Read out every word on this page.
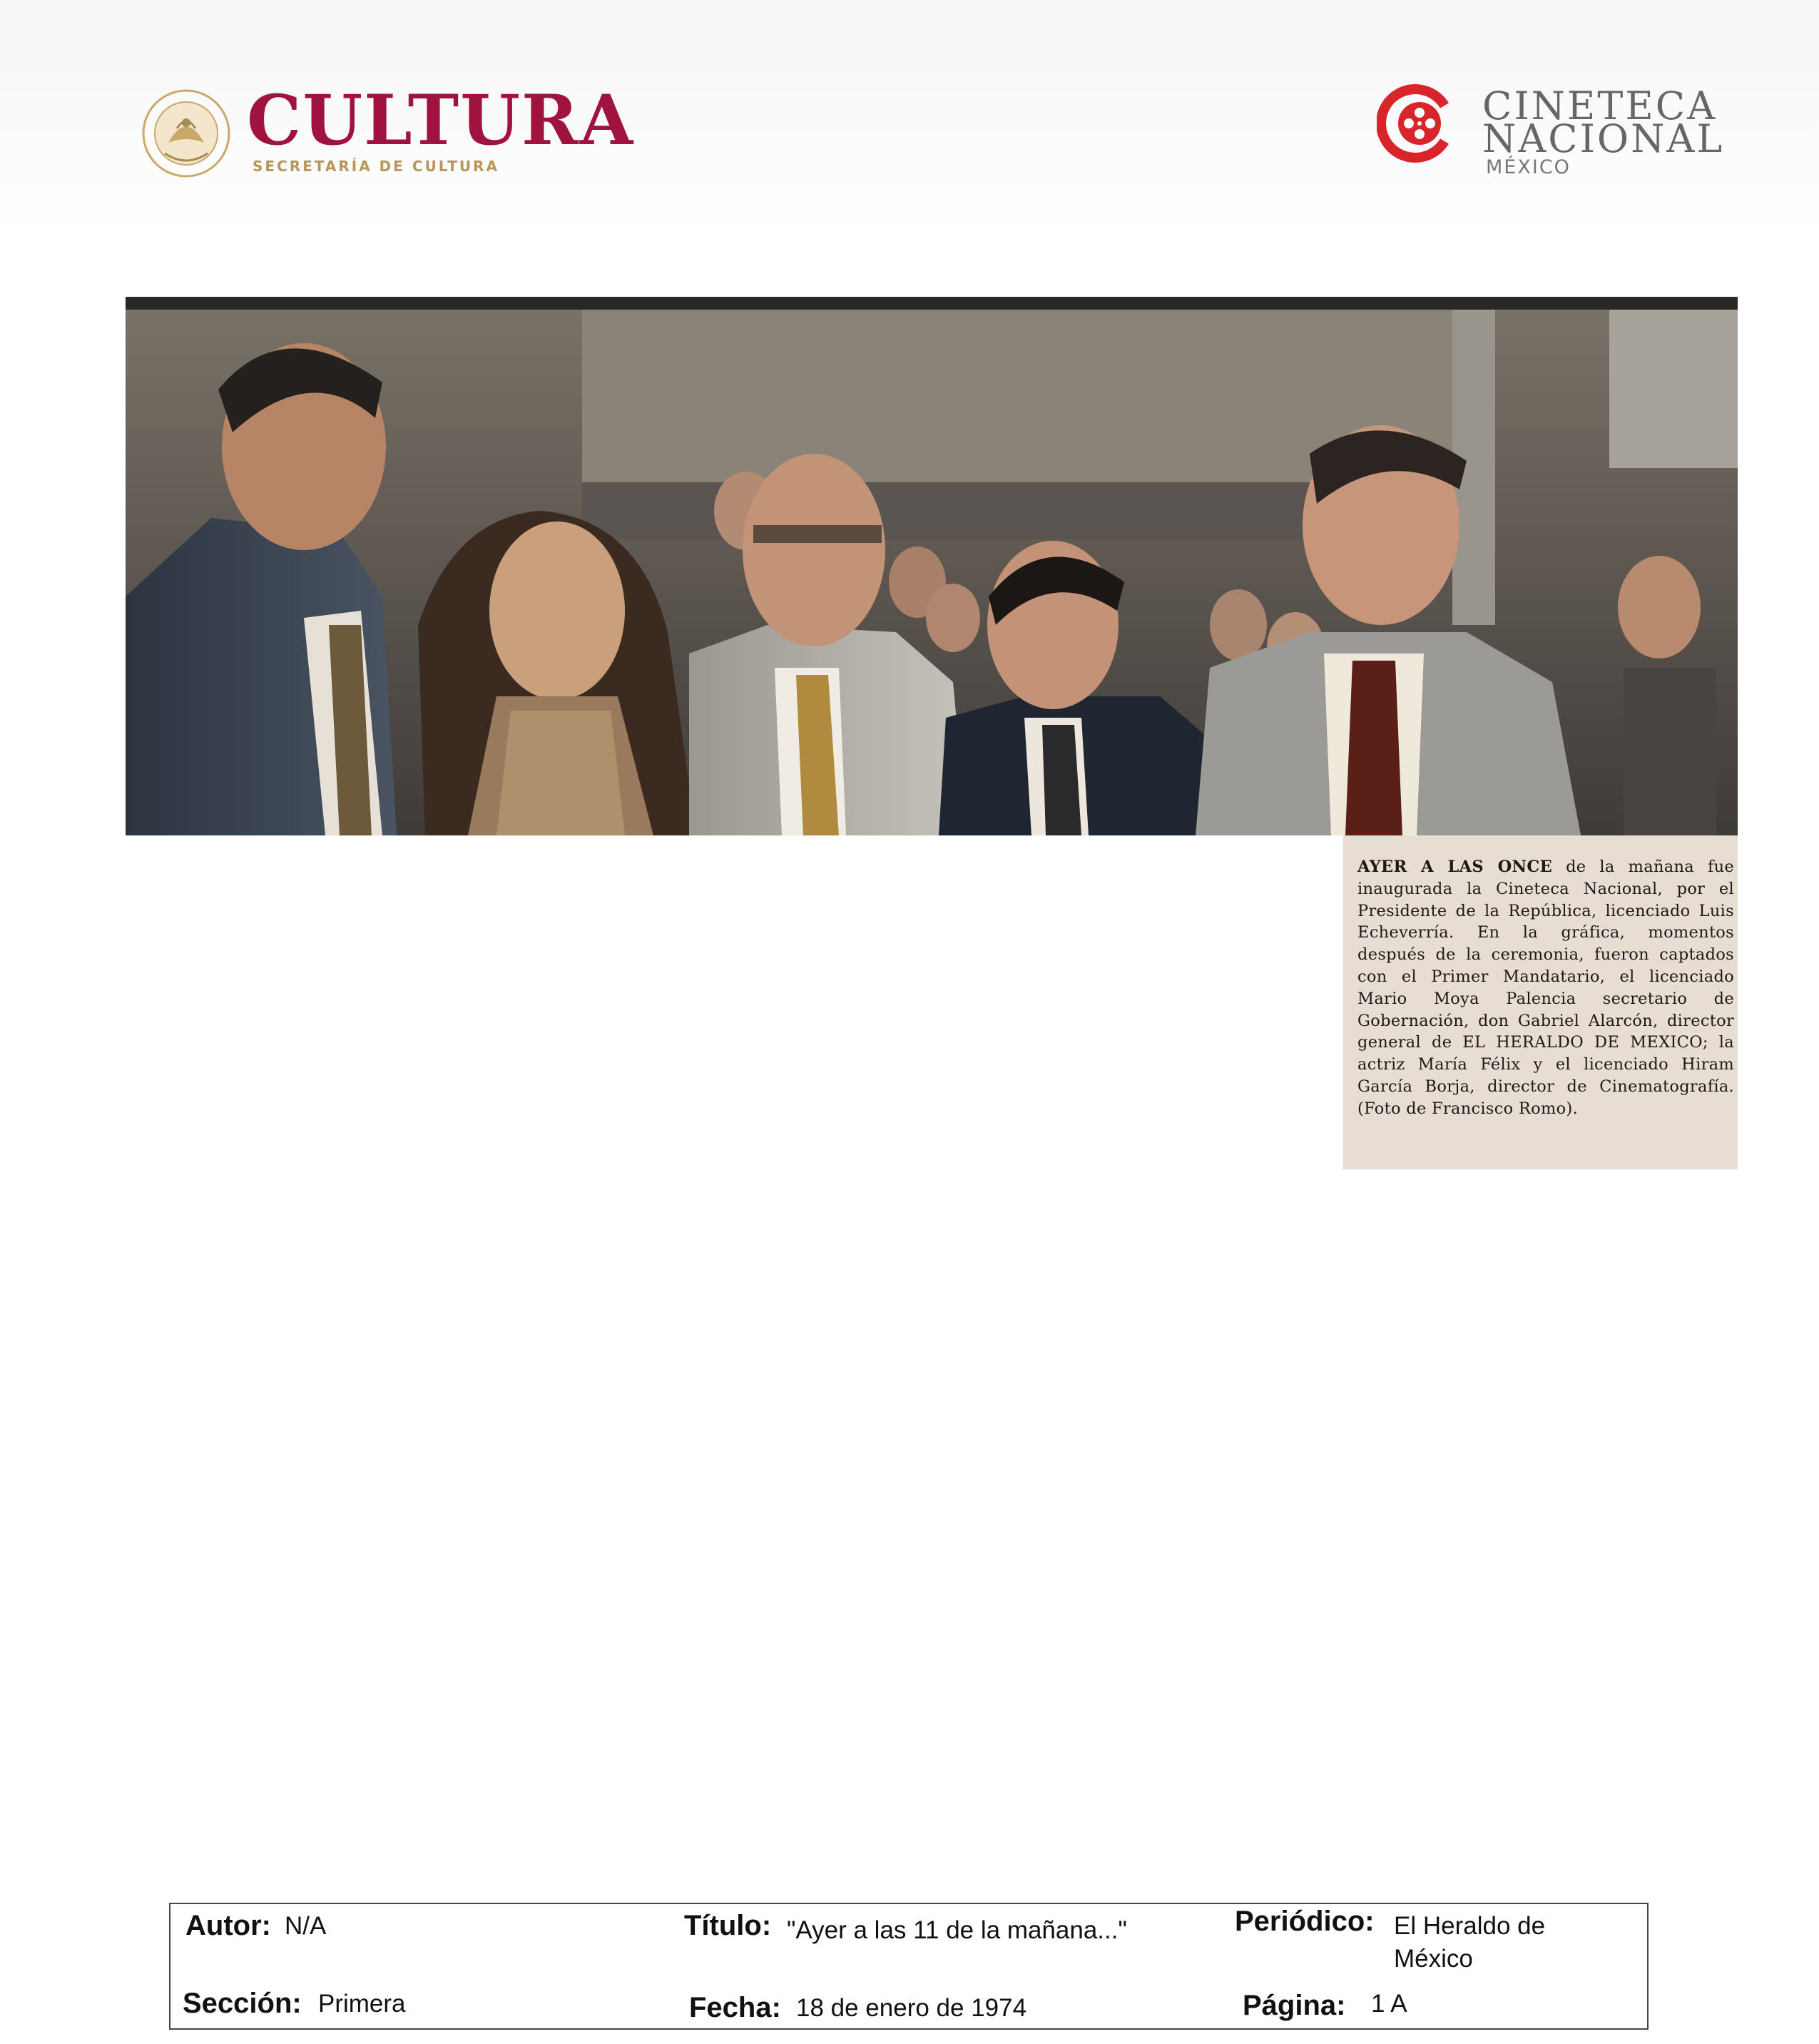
CULTURA
SECRETARÍA DE CULTURA
CINETECA
NACIONAL
MÉXICO
AYER A LAS ONCE de la mañana fue inaugurada la Cineteca Nacional, por el Presidente de la República, licenciado Luis Echeverría. En la gráfica, momentos después de la ceremonia, fueron captados con el Primer Mandatario, el licenciado Mario Moya Palencia secretario de Gobernación, don Gabriel Alarcón, director general de EL HERALDO DE MEXICO; la actriz María Félix y el licenciado Hiram García Borja, director de Cinematografía. (Foto de Francisco Romo).
Autor: N/A	Título: "Ayer a las 11 de la mañana..."	Periódico: El Heraldo de
México
Sección: Primera	Fecha: 18 de enero de 1974	Página: 1 A
